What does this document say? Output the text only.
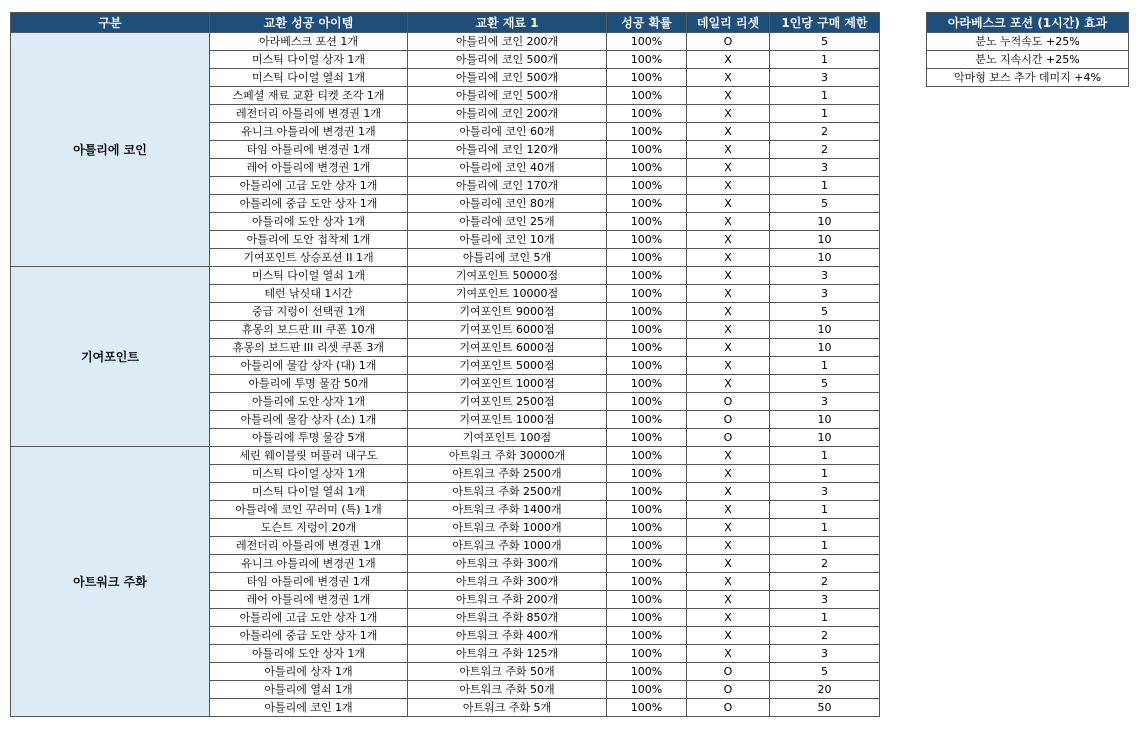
구분	교환 성공 아이템	교환 재료 1	성공 확률	데일리 리셋	1인당 구매 제한
아틀리에 코인	아라베스크 포션 1개	아틀리에 코인 200개	100%	O	5
	미스틱 다이얼 상자 1개	아틀리에 코인 500개	100%	X	1
	미스틱 다이얼 열쇠 1개	아틀리에 코인 500개	100%	X	3
	스페셜 재료 교환 티켓 조각 1개	아틀리에 코인 500개	100%	X	1
	레전더리 아틀리에 변경권 1개	아틀리에 코인 200개	100%	X	1
	유니크 아틀리에 변경권 1개	아틀리에 코인 60개	100%	X	2
	타임 아틀리에 변경권 1개	아틀리에 코인 120개	100%	X	2
	레어 아틀리에 변경권 1개	아틀리에 코인 40개	100%	X	3
	아틀리에 고급 도안 상자 1개	아틀리에 코인 170개	100%	X	1
	아틀리에 중급 도안 상자 1개	아틀리에 코인 80개	100%	X	5
	아틀리에 도안 상자 1개	아틀리에 코인 25개	100%	X	10
	아틀리에 도안 접착제 1개	아틀리에 코인 10개	100%	X	10
	기여포인트 상승포션 II 1개	아틀리에 코인 5개	100%	X	10
기여포인트	미스틱 다이얼 열쇠 1개	기여포인트 50000점	100%	X	3
	테런 낚싯대 1시간	기여포인트 10000점	100%	X	3
	중급 지렁이 선택권 1개	기여포인트 9000점	100%	X	5
	휴몽의 보드판 III 쿠폰 10개	기여포인트 6000점	100%	X	10
	휴몽의 보드판 III 리셋 쿠폰 3개	기여포인트 6000점	100%	X	10
	아틀리에 물감 상자 (대) 1개	기여포인트 5000점	100%	X	1
	아틀리에 투명 물감 50개	기여포인트 1000점	100%	X	5
	아틀리에 도안 상자 1개	기여포인트 2500점	100%	O	3
	아틀리에 물감 상자 (소) 1개	기여포인트 1000점	100%	O	10
	아틀리에 투명 물감 5개	기여포인트 100점	100%	O	10
아트워크 주화	세린 웨이블릿 머플러 내구도	아트워크 주화 30000개	100%	X	1
	미스틱 다이얼 상자 1개	아트워크 주화 2500개	100%	X	1
	미스틱 다이얼 열쇠 1개	아트워크 주화 2500개	100%	X	3
	아틀리에 코인 꾸러미 (특) 1개	아트워크 주화 1400개	100%	X	1
	도슨트 지렁이 20개	아트워크 주화 1000개	100%	X	1
	레전더리 아틀리에 변경권 1개	아트워크 주화 1000개	100%	X	1
	유니크 아틀리에 변경권 1개	아트워크 주화 300개	100%	X	2
	타임 아틀리에 변경권 1개	아트워크 주화 300개	100%	X	2
	레어 아틀리에 변경권 1개	아트워크 주화 200개	100%	X	3
	아틀리에 고급 도안 상자 1개	아트워크 주화 850개	100%	X	1
	아틀리에 중급 도안 상자 1개	아트워크 주화 400개	100%	X	2
	아틀리에 도안 상자 1개	아트워크 주화 125개	100%	X	3
	아틀리에 상자 1개	아트워크 주화 50개	100%	O	5
	아틀리에 열쇠 1개	아트워크 주화 50개	100%	O	20
	아틀리에 코인 1개	아트워크 주화 5개	100%	O	50
아라베스크 포션 (1시간) 효과
분노 누적속도 +25%
분노 지속시간 +25%
악마형 보스 추가 데미지 +4%
